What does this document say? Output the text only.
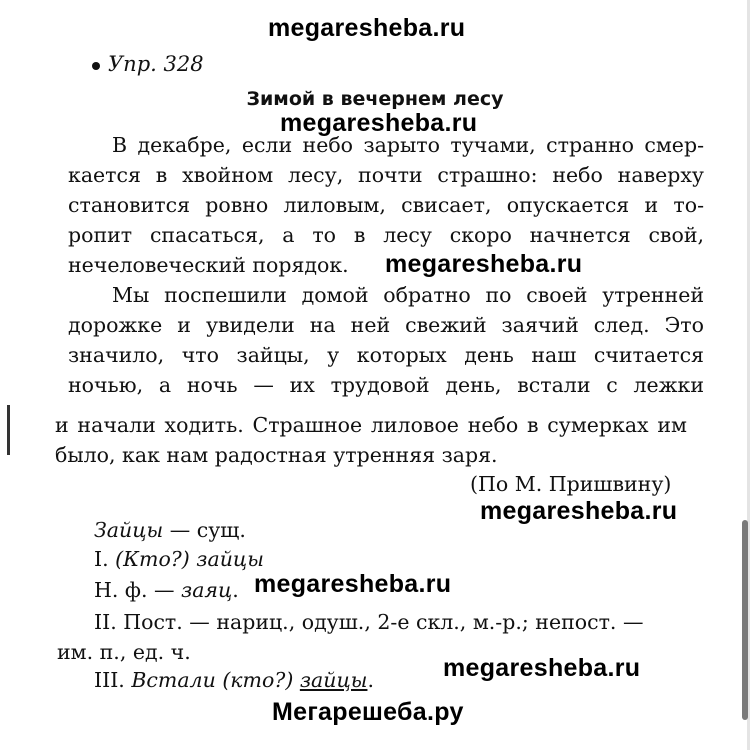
megaresheba.ru
Упр. 328
Зимой в вечернем лесу
megaresheba.ru
В декабре, если небо зарыто тучами, странно смер-
кается в хвойном лесу, почти страшно: небо наверху
становится ровно лиловым, свисает, опускается и то-
ропит спасаться, а то в лесу скоро начнется свой,
нечеловеческий порядок.	megaresheba.ru
Мы поспешили домой обратно по своей утренней
дорожке и увидели на ней свежий заячий след. Это
значило, что зайцы, у которых день наш считается
ночью, а ночь — их трудовой день, встали с лежки
и начали ходить. Страшное лиловое небо в сумерках им
было, как нам радостная утренняя заря.
(По М. Пришвину)
megaresheba.ru
Зайцы — сущ.
I. (Кто?) зайцы
Н. ф. — заяц. megaresheba.ru
II. Пост. — нариц., одуш., 2-е скл., м.-р.; непост. —
им. п., ед. ч.
megaresheba.ru
III. Встали (кто?) зайцы.
Мегарешеба.ру
